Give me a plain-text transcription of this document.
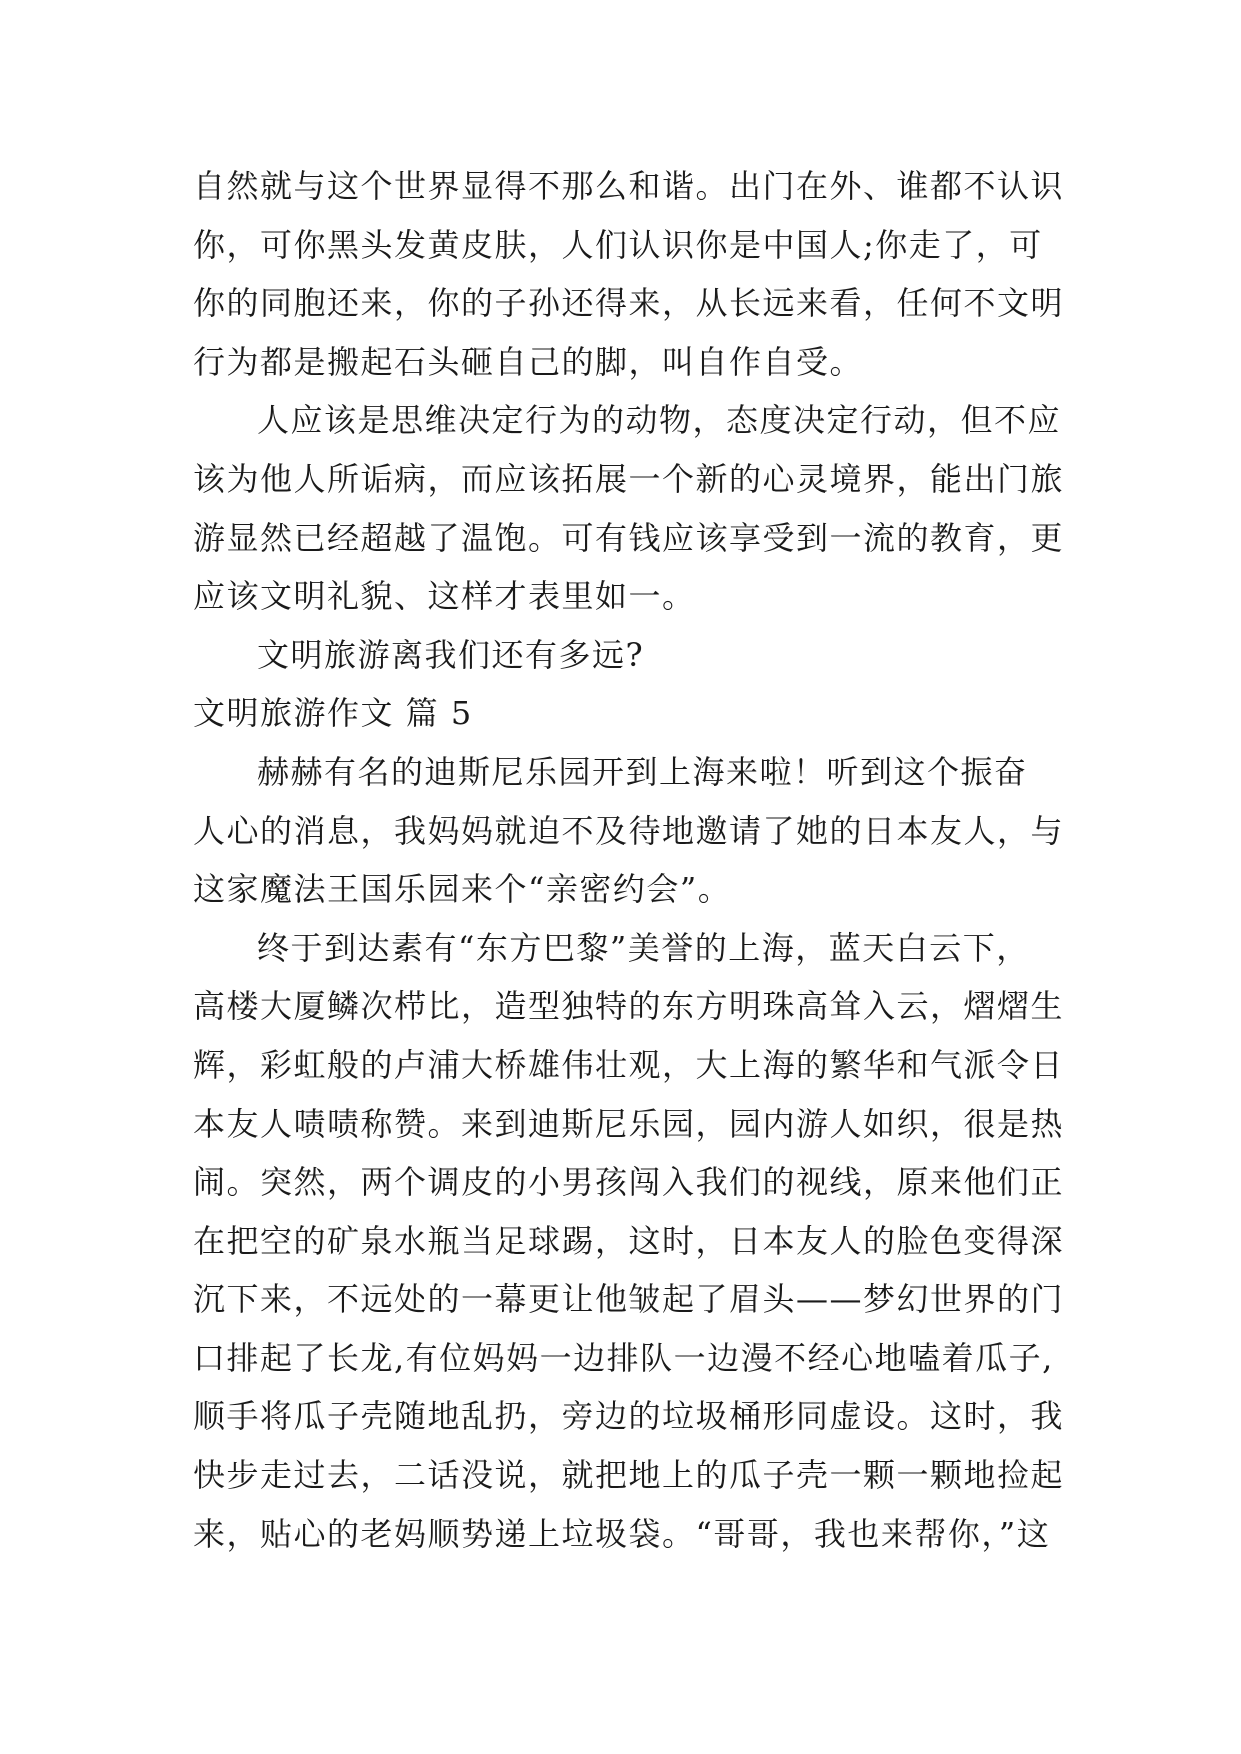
自然就与这个世界显得不那么和谐。出门在外、谁都不认识
你，可你黑头发黄皮肤，人们认识你是中国人;你走了，可
你的同胞还来，你的子孙还得来，从长远来看，任何不文明
行为都是搬起石头砸自己的脚，叫自作自受。
人应该是思维决定行为的动物，态度决定行动，但不应
该为他人所诟病，而应该拓展一个新的心灵境界，能出门旅
游显然已经超越了温饱。可有钱应该享受到一流的教育，更
应该文明礼貌、这样才表里如一。
文明旅游离我们还有多远?
文明旅游作文 篇 5
赫赫有名的迪斯尼乐园开到上海来啦！听到这个振奋
人心的消息，我妈妈就迫不及待地邀请了她的日本友人，与
这家魔法王国乐园来个“亲密约会”。
终于到达素有“东方巴黎”美誉的上海，蓝天白云下，
高楼大厦鳞次栉比，造型独特的东方明珠高耸入云，熠熠生
辉，彩虹般的卢浦大桥雄伟壮观，大上海的繁华和气派令日
本友人啧啧称赞。来到迪斯尼乐园，园内游人如织，很是热
闹。突然，两个调皮的小男孩闯入我们的视线，原来他们正
在把空的矿泉水瓶当足球踢，这时，日本友人的脸色变得深
沉下来，不远处的一幕更让他皱起了眉头——梦幻世界的门
口排起了长龙,有位妈妈一边排队一边漫不经心地嗑着瓜子,
顺手将瓜子壳随地乱扔，旁边的垃圾桶形同虚设。这时，我
快步走过去，二话没说，就把地上的瓜子壳一颗一颗地捡起
来，贴心的老妈顺势递上垃圾袋。“哥哥，我也来帮你，”这
